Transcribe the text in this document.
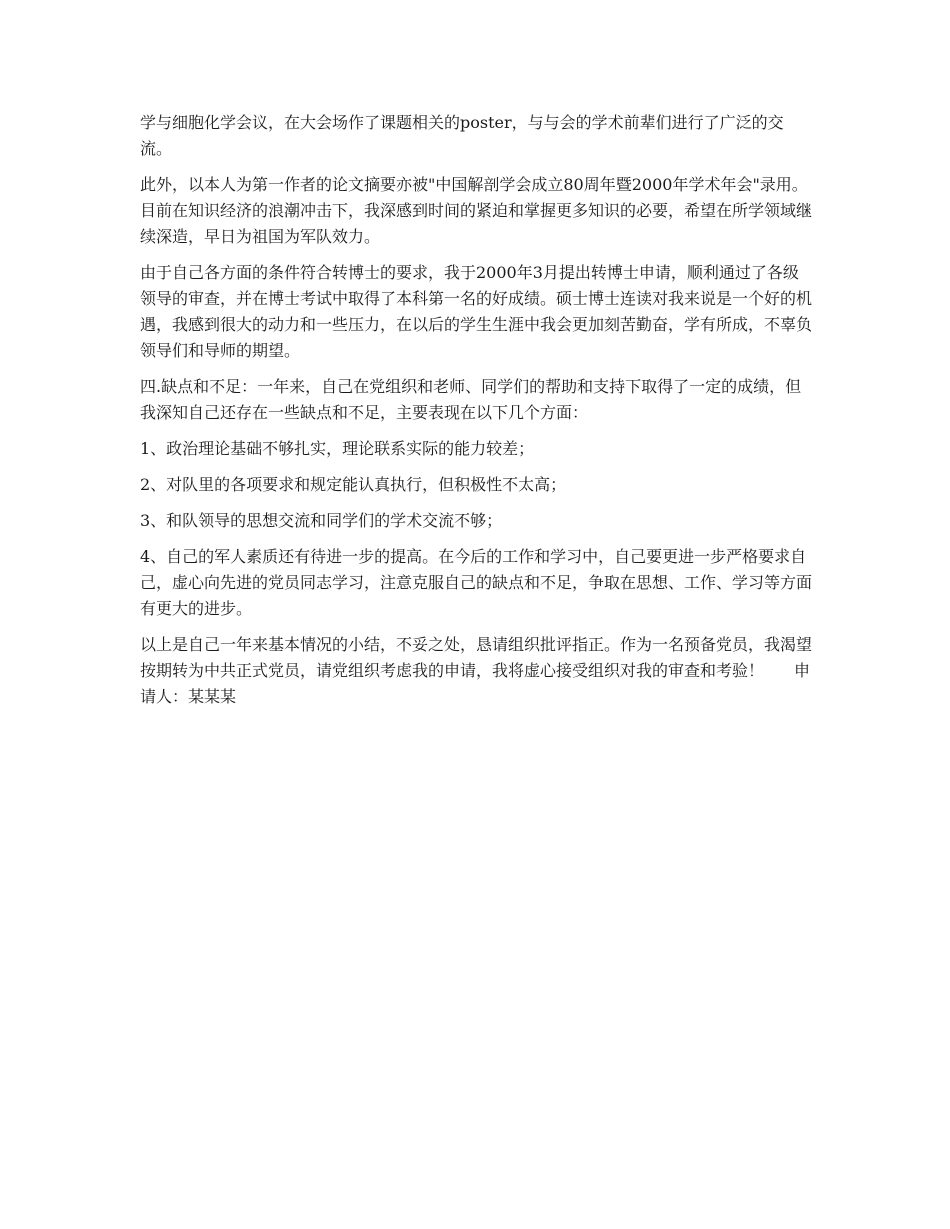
学与细胞化学会议，在大会场作了课题相关的poster，与与会的学术前辈们进行了广泛的交流。

此外，以本人为第一作者的论文摘要亦被"中国解剖学会成立80周年暨2000年学术年会"录用。目前在知识经济的浪潮冲击下，我深感到时间的紧迫和掌握更多知识的必要，希望在所学领域继续深造，早日为祖国为军队效力。

由于自己各方面的条件符合转博士的要求，我于2000年3月提出转博士申请，顺利通过了各级领导的审查，并在博士考试中取得了本科第一名的好成绩。硕士博士连读对我来说是一个好的机遇，我感到很大的动力和一些压力，在以后的学生生涯中我会更加刻苦勤奋，学有所成，不辜负领导们和导师的期望。

四.缺点和不足：一年来，自己在党组织和老师、同学们的帮助和支持下取得了一定的成绩，但我深知自己还存在一些缺点和不足，主要表现在以下几个方面：

1、政治理论基础不够扎实，理论联系实际的能力较差；

2、对队里的各项要求和规定能认真执行，但积极性不太高；

3、和队领导的思想交流和同学们的学术交流不够；

4、自己的军人素质还有待进一步的提高。在今后的工作和学习中，自己要更进一步严格要求自己，虚心向先进的党员同志学习，注意克服自己的缺点和不足，争取在思想、工作、学习等方面有更大的进步。

以上是自己一年来基本情况的小结，不妥之处，恳请组织批评指正。作为一名预备党员，我渴望按期转为中共正式党员，请党组织考虑我的申请，我将虚心接受组织对我的审查和考验！ 申请人：某某某
